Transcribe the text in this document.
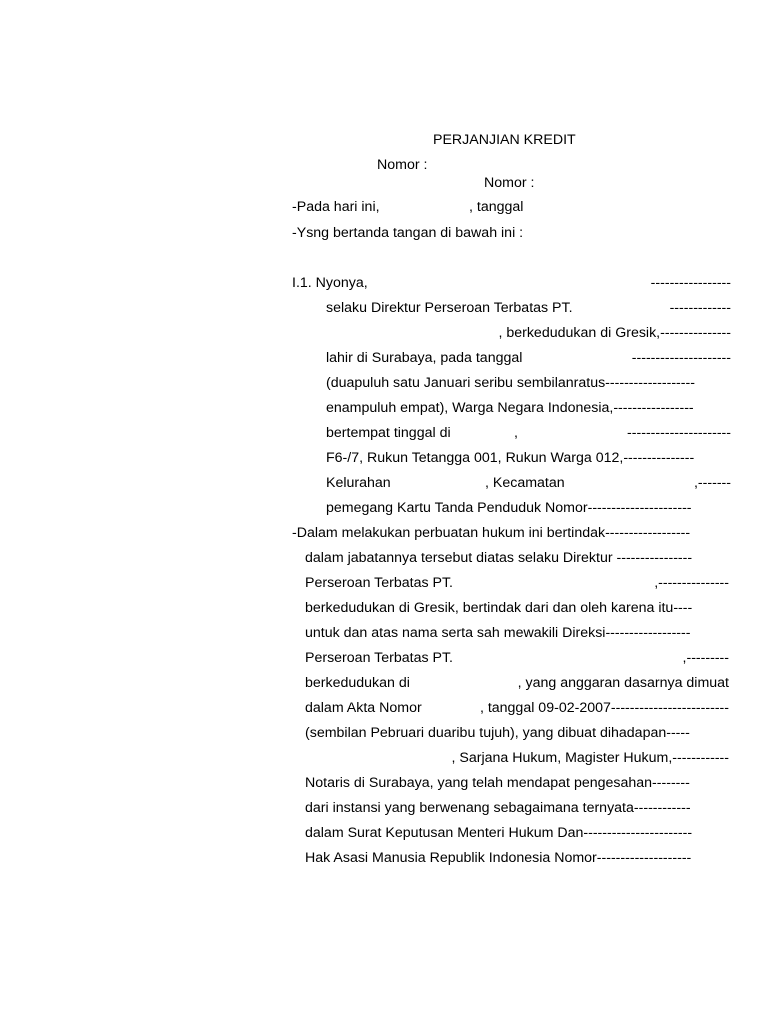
PERJANJIAN KREDIT
Nomor :
Nomor :
-Pada hari ini,	, tanggal
-Ysng bertanda tangan di bawah ini :
I.1. Nyonya,	-----------------
selaku Direktur Perseroan Terbatas PT.	-------------
, berkedudukan di Gresik,---------------
lahir di Surabaya, pada tanggal	---------------------
(duapuluh satu Januari seribu sembilanratus-------------------
enampuluh empat), Warga Negara Indonesia,-----------------
bertempat tinggal di	,	----------------------
F6-/7, Rukun Tetangga 001, Rukun Warga 012,---------------
Kelurahan	, Kecamatan	,-------
pemegang Kartu Tanda Penduduk Nomor----------------------
-Dalam melakukan perbuatan hukum ini bertindak------------------
dalam jabatannya tersebut diatas selaku Direktur ----------------
Perseroan Terbatas PT.	,---------------
berkedudukan di Gresik, bertindak dari dan oleh karena itu----
untuk dan atas nama serta sah mewakili Direksi------------------
Perseroan Terbatas PT.	,---------
berkedudukan di	, yang anggaran dasarnya dimuat
dalam Akta Nomor	, tanggal 09-02-2007-------------------------
(sembilan Pebruari duaribu tujuh), yang dibuat dihadapan-----
, Sarjana Hukum, Magister Hukum,------------
Notaris di Surabaya, yang telah mendapat pengesahan--------
dari instansi yang berwenang sebagaimana ternyata------------
dalam Surat Keputusan Menteri Hukum Dan-----------------------
Hak Asasi Manusia Republik Indonesia Nomor--------------------
